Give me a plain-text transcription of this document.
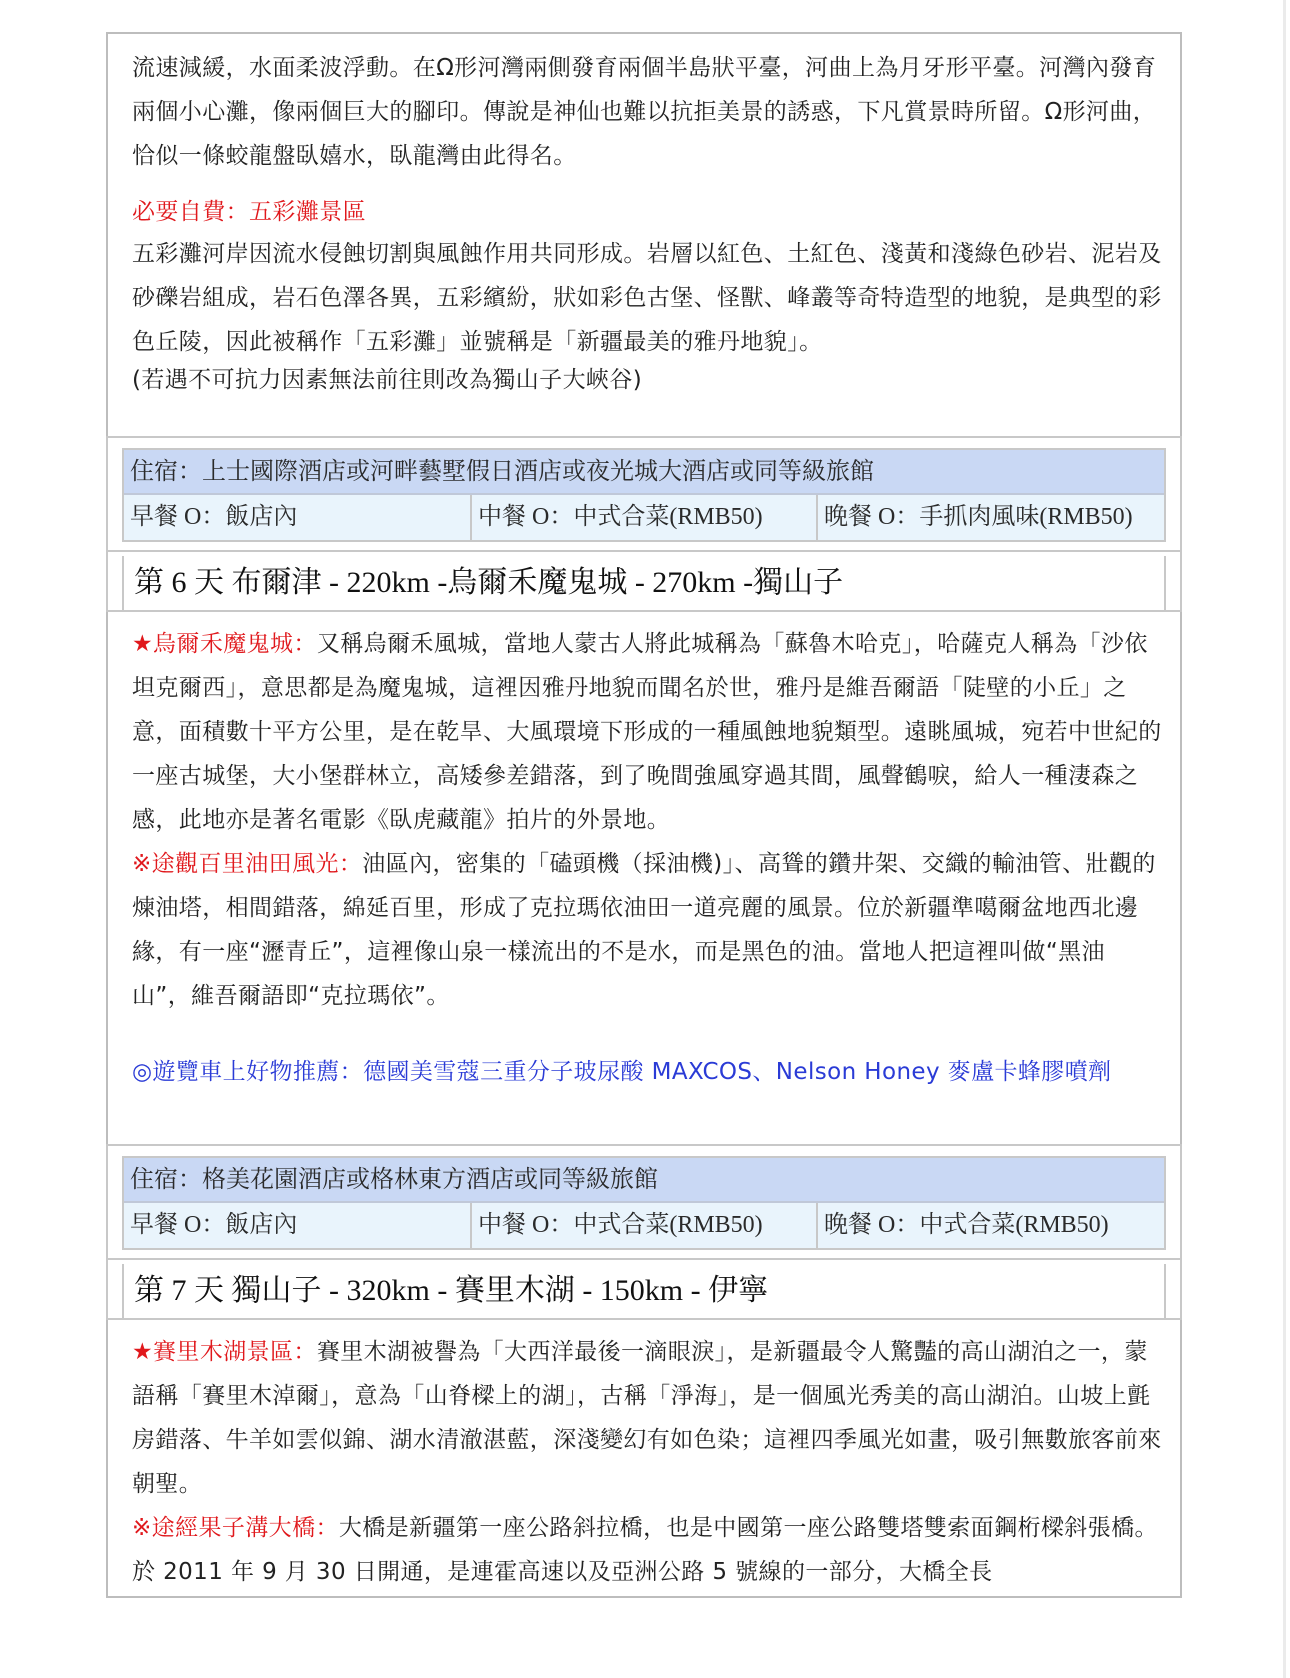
流速減緩，水面柔波浮動。在Ω形河灣兩側發育兩個半島狀平臺，河曲上為月牙形平臺。河灣內發育兩個小心灘，像兩個巨大的腳印。傳說是神仙也難以抗拒美景的誘惑，下凡賞景時所留。Ω形河曲，恰似一條蛟龍盤臥嬉水，臥龍灣由此得名。
必要自費：五彩灘景區
五彩灘河岸因流水侵蝕切割與風蝕作用共同形成。岩層以紅色、土紅色、淺黃和淺綠色砂岩、泥岩及砂礫岩組成，岩石色澤各異，五彩繽紛，狀如彩色古堡、怪獸、峰叢等奇特造型的地貌，是典型的彩色丘陵，因此被稱作「五彩灘」並號稱是「新疆最美的雅丹地貌」。
(若遇不可抗力因素無法前往則改為獨山子大峽谷)
住宿：上士國際酒店或河畔藝墅假日酒店或夜光城大酒店或同等級旅館
早餐 O：飯店內	中餐 O：中式合菜(RMB50)	晚餐 O：手抓肉風味(RMB50)
第 6 天 布爾津 - 220km -烏爾禾魔鬼城 - 270km -獨山子
★烏爾禾魔鬼城：又稱烏爾禾風城，當地人蒙古人將此城稱為「蘇魯木哈克」，哈薩克人稱為「沙依坦克爾西」，意思都是為魔鬼城，這裡因雅丹地貌而聞名於世，雅丹是維吾爾語「陡壁的小丘」之意，面積數十平方公里，是在乾旱、大風環境下形成的一種風蝕地貌類型。遠眺風城，宛若中世紀的一座古城堡，大小堡群林立，高矮參差錯落，到了晚間強風穿過其間，風聲鶴唳，給人一種淒森之感，此地亦是著名電影《臥虎藏龍》拍片的外景地。
※途觀百里油田風光：油區內，密集的「磕頭機（採油機)」、高聳的鑽井架、交織的輸油管、壯觀的煉油塔，相間錯落，綿延百里，形成了克拉瑪依油田一道亮麗的風景。位於新疆準噶爾盆地西北邊緣，有一座“瀝青丘”，這裡像山泉一樣流出的不是水，而是黑色的油。當地人把這裡叫做“黑油山”，維吾爾語即“克拉瑪依”。
◎遊覽車上好物推薦：德國美雪蔻三重分子玻尿酸 MAXCOS、Nelson Honey 麥盧卡蜂膠噴劑
住宿：格美花園酒店或格林東方酒店或同等級旅館
早餐 O：飯店內	中餐 O：中式合菜(RMB50)	晚餐 O：中式合菜(RMB50)
第 7 天 獨山子 - 320km - 賽里木湖 - 150km - 伊寧
★賽里木湖景區：賽里木湖被譽為「大西洋最後一滴眼淚」，是新疆最令人驚豔的高山湖泊之一，蒙語稱「賽里木淖爾」，意為「山脊樑上的湖」，古稱「淨海」，是一個風光秀美的高山湖泊。山坡上氈房錯落、牛羊如雲似錦、湖水清澈湛藍，深淺變幻有如色染；這裡四季風光如畫，吸引無數旅客前來朝聖。
※途經果子溝大橋：大橋是新疆第一座公路斜拉橋，也是中國第一座公路雙塔雙索面鋼桁樑斜張橋。於 2011 年 9 月 30 日開通，是連霍高速以及亞洲公路 5 號線的一部分，大橋全長
